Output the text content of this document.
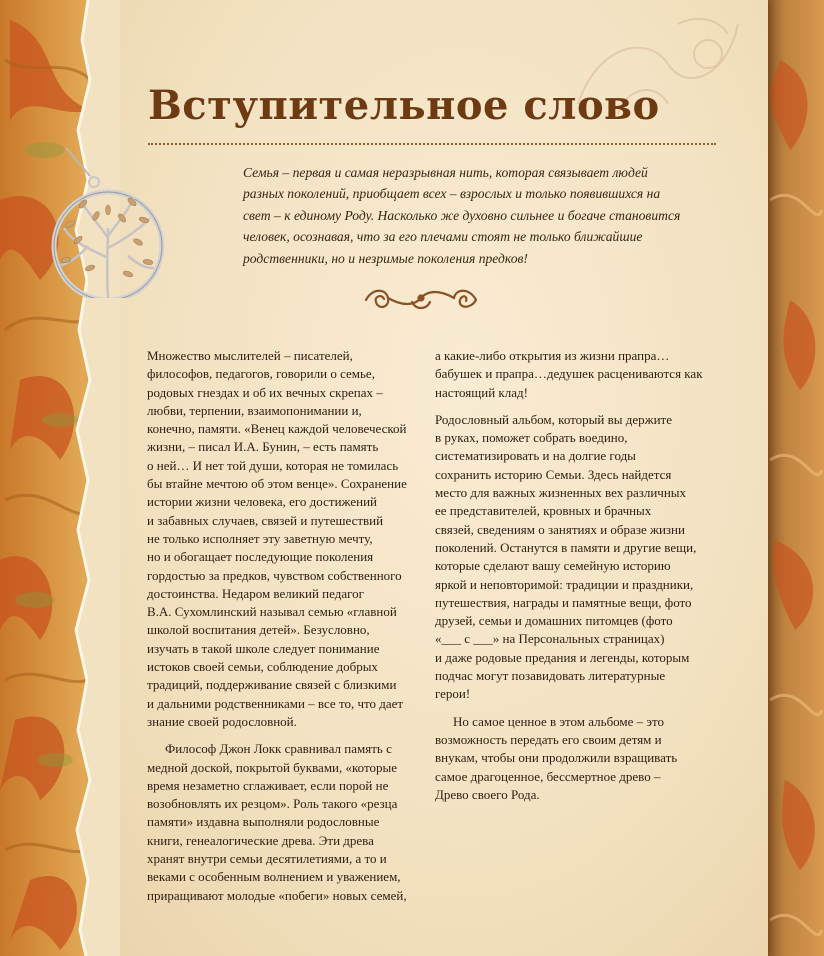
Вступительное слово

Семья – первая и самая неразрывная нить, которая связывает людей
разных поколений, приобщает всех – взрослых и только появившихся на
свет – к единому Роду. Насколько же духовно сильнее и богаче становится
человек, осознавая, что за его плечами стоят не только ближайшие
родственники, но и незримые поколения предков!

Множество мыслителей – писателей,
философов, педагогов, говорили о семье,
родовых гнездах и об их вечных скрепах –
любви, терпении, взаимопонимании и,
конечно, памяти. «Венец каждой человеческой
жизни, – писал И.А. Бунин, – есть память
о ней… И нет той души, которая не томилась
бы втайне мечтою об этом венце». Сохранение
истории жизни человека, его достижений
и забавных случаев, связей и путешествий
не только исполняет эту заветную мечту,
но и обогащает последующие поколения
гордостью за предков, чувством собственного
достоинства. Недаром великий педагог
В.А. Сухомлинский называл семью «главной
школой воспитания детей». Безусловно,
изучать в такой школе следует понимание
истоков своей семьи, соблюдение добрых
традиций, поддерживание связей с близкими
и дальними родственниками – все то, что дает
знание своей родословной.

Философ Джон Локк сравнивал память с
медной доской, покрытой буквами, «которые
время незаметно сглаживает, если порой не
возобновлять их резцом». Роль такого «резца
памяти» издавна выполняли родословные
книги, генеалогические древа. Эти древа
хранят внутри семьи десятилетиями, а то и
веками с особенным волнением и уважением,
приращивают молодые «побеги» новых семей,

а какие-либо открытия из жизни прапра…
бабушек и прапра…дедушек расцениваются как
настоящий клад!

Родословный альбом, который вы держите
в руках, поможет собрать воедино,
систематизировать и на долгие годы
сохранить историю Семьи. Здесь найдется
место для важных жизненных вех различных
ее представителей, кровных и брачных
связей, сведениям о занятиях и образе жизни
поколений. Останутся в памяти и другие вещи,
которые сделают вашу семейную историю
яркой и неповторимой: традиции и праздники,
путешествия, награды и памятные вещи, фото
друзей, семьи и домашних питомцев (фото
«___ с ___» на Персональных страницах)
и даже родовые предания и легенды, которым
подчас могут позавидовать литературные
герои!

Но самое ценное в этом альбоме – это
возможность передать его своим детям и
внукам, чтобы они продолжили взращивать
самое драгоценное, бессмертное древо –
Древо своего Рода.
